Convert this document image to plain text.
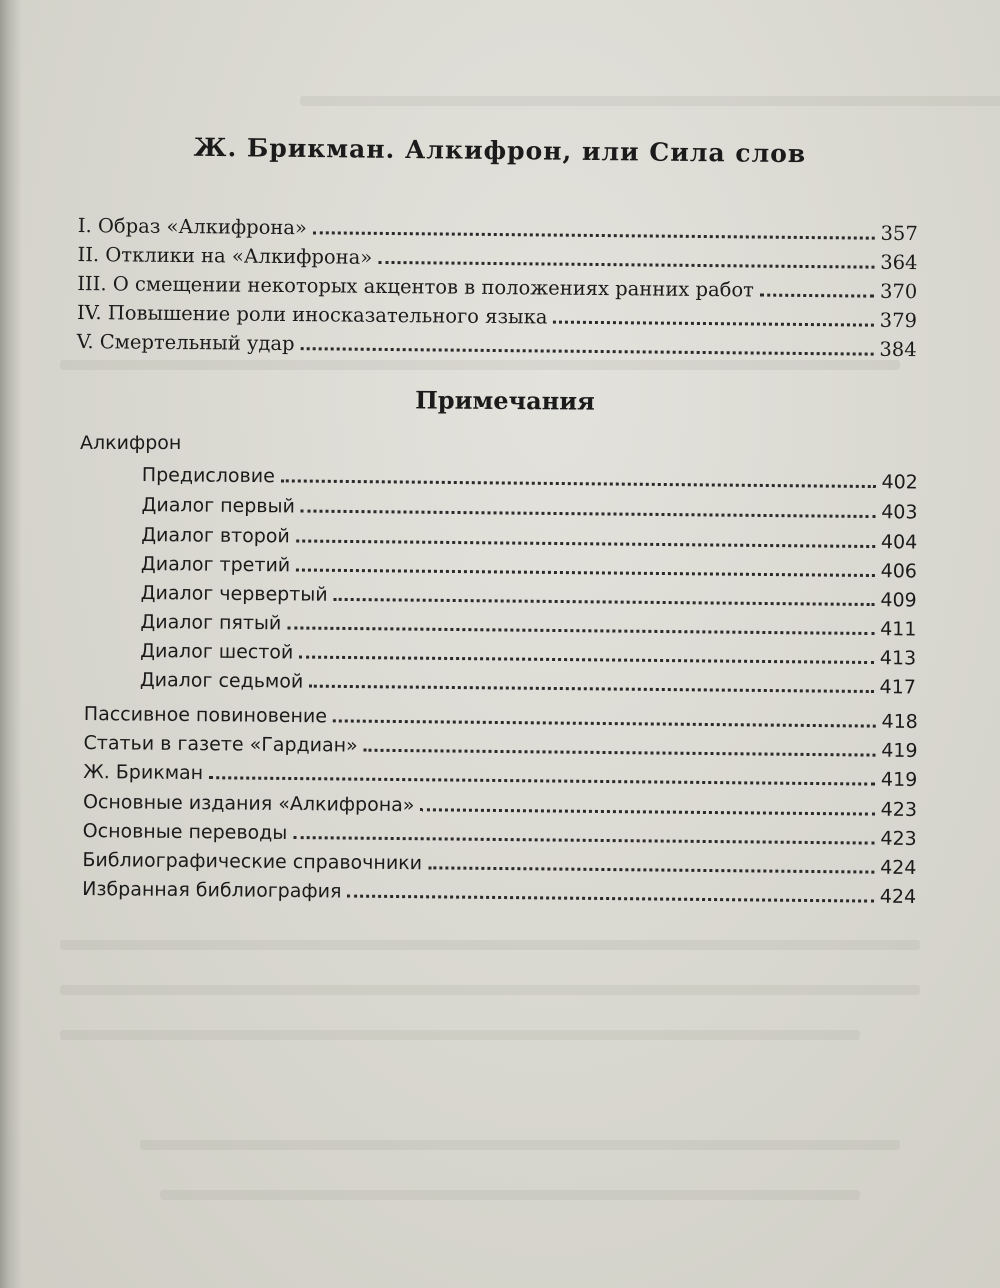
Ж. Брикман. Алкифрон, или Сила слов
I. Образ «Алкифрона»	357
II. Отклики на «Алкифрона»	364
III. О смещении некоторых акцентов в положениях ранних работ	370
IV. Повышение роли иносказательного языка	379
V. Смертельный удар	384
Примечания
Алкифрон
Предисловие	402
Диалог первый	403
Диалог второй	404
Диалог третий	406
Диалог червертый	409
Диалог пятый	411
Диалог шестой	413
Диалог седьмой	417
Пассивное повиновение	418
Статьи в газете «Гардиан»	419
Ж. Брикман	419
Основные издания «Алкифрона»	423
Основные переводы	423
Библиографические справочники	424
Избранная библиография	424
